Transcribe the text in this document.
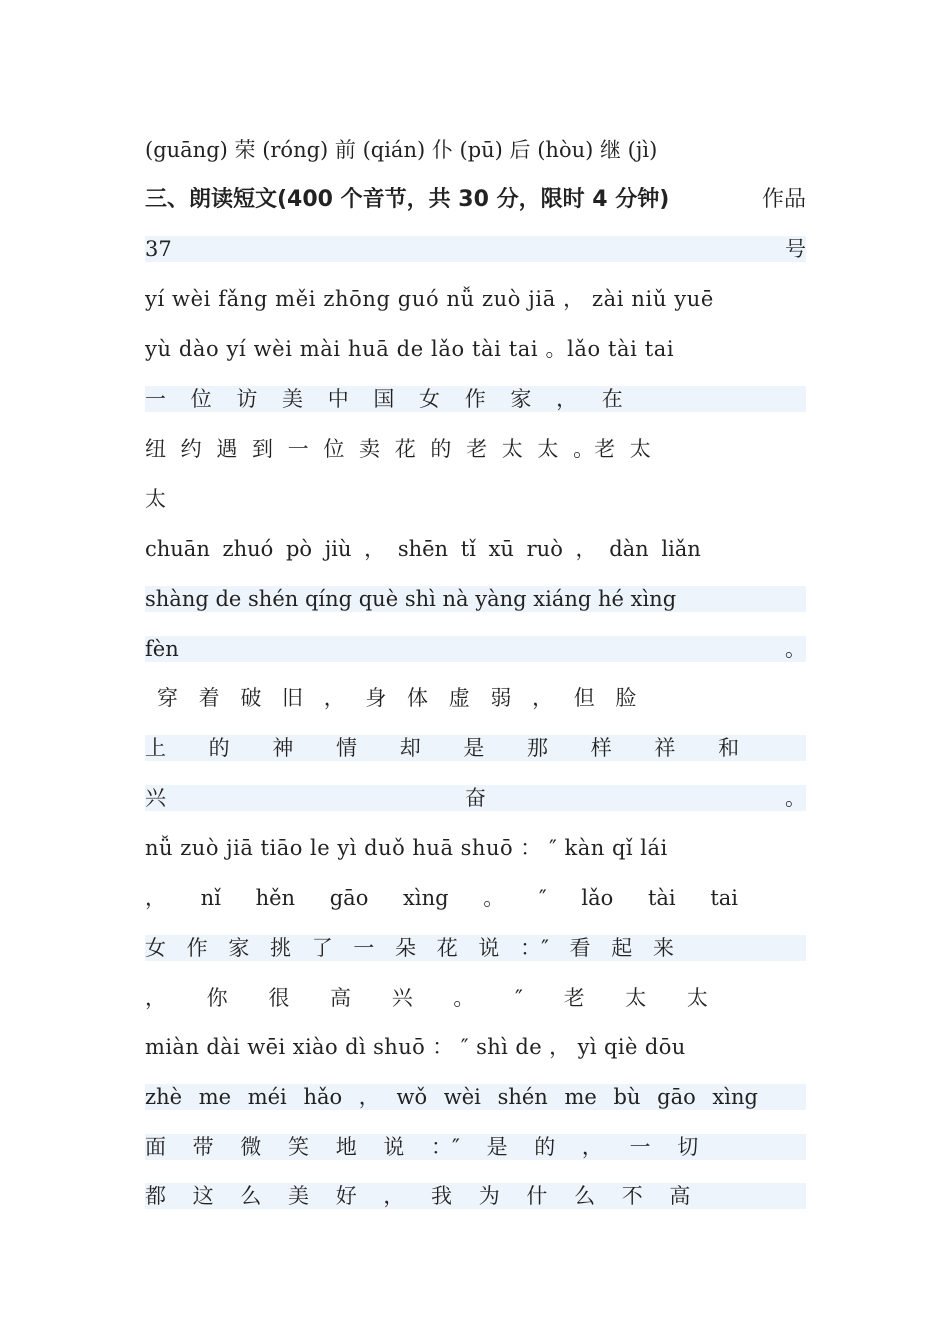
(guāng) 荣 (róng) 前 (qián) 仆 (pū) 后 (hòu) 继 (jì)
三、朗读短文(400 个音节，共 30 分，限时 4 分钟)	作品
37	号
yí wèi fǎng měi zhōng guó nǚ zuò jiā ， zài niǔ yuē
yù dào yí wèi mài huā de lǎo tài tai 。lǎo tài tai
一 位 访 美 中 国 女 作 家 ， 在
纽 约 遇 到 一 位 卖 花 的 老 太 太 。老 太
太
chuān zhuó pò jiù ， shēn tǐ xū ruò ， dàn liǎn
shàng de shén qíng què shì nà yàng xiáng hé xìng
fèn	。
穿 着 破 旧 ， 身 体 虚 弱 ， 但 脸
上 的 神 情 却 是 那 样 祥 和
兴	奋	。
nǚ zuò jiā tiāo le yì duǒ huā shuō ： ″ kàn qǐ lái
， nǐ hěn gāo xìng 。 ″ lǎo tài tai
女 作 家 挑 了 一 朵 花 说 ：″ 看 起 来
， 你 很 高 兴 。 ″ 老 太 太
miàn dài wēi xiào dì shuō ： ″ shì de ， yì qiè dōu
zhè me méi hǎo ， wǒ wèi shén me bù gāo xìng
面 带 微 笑 地 说 ：″ 是 的 ， 一 切
都 这 么 美 好 ， 我 为 什 么 不 高
